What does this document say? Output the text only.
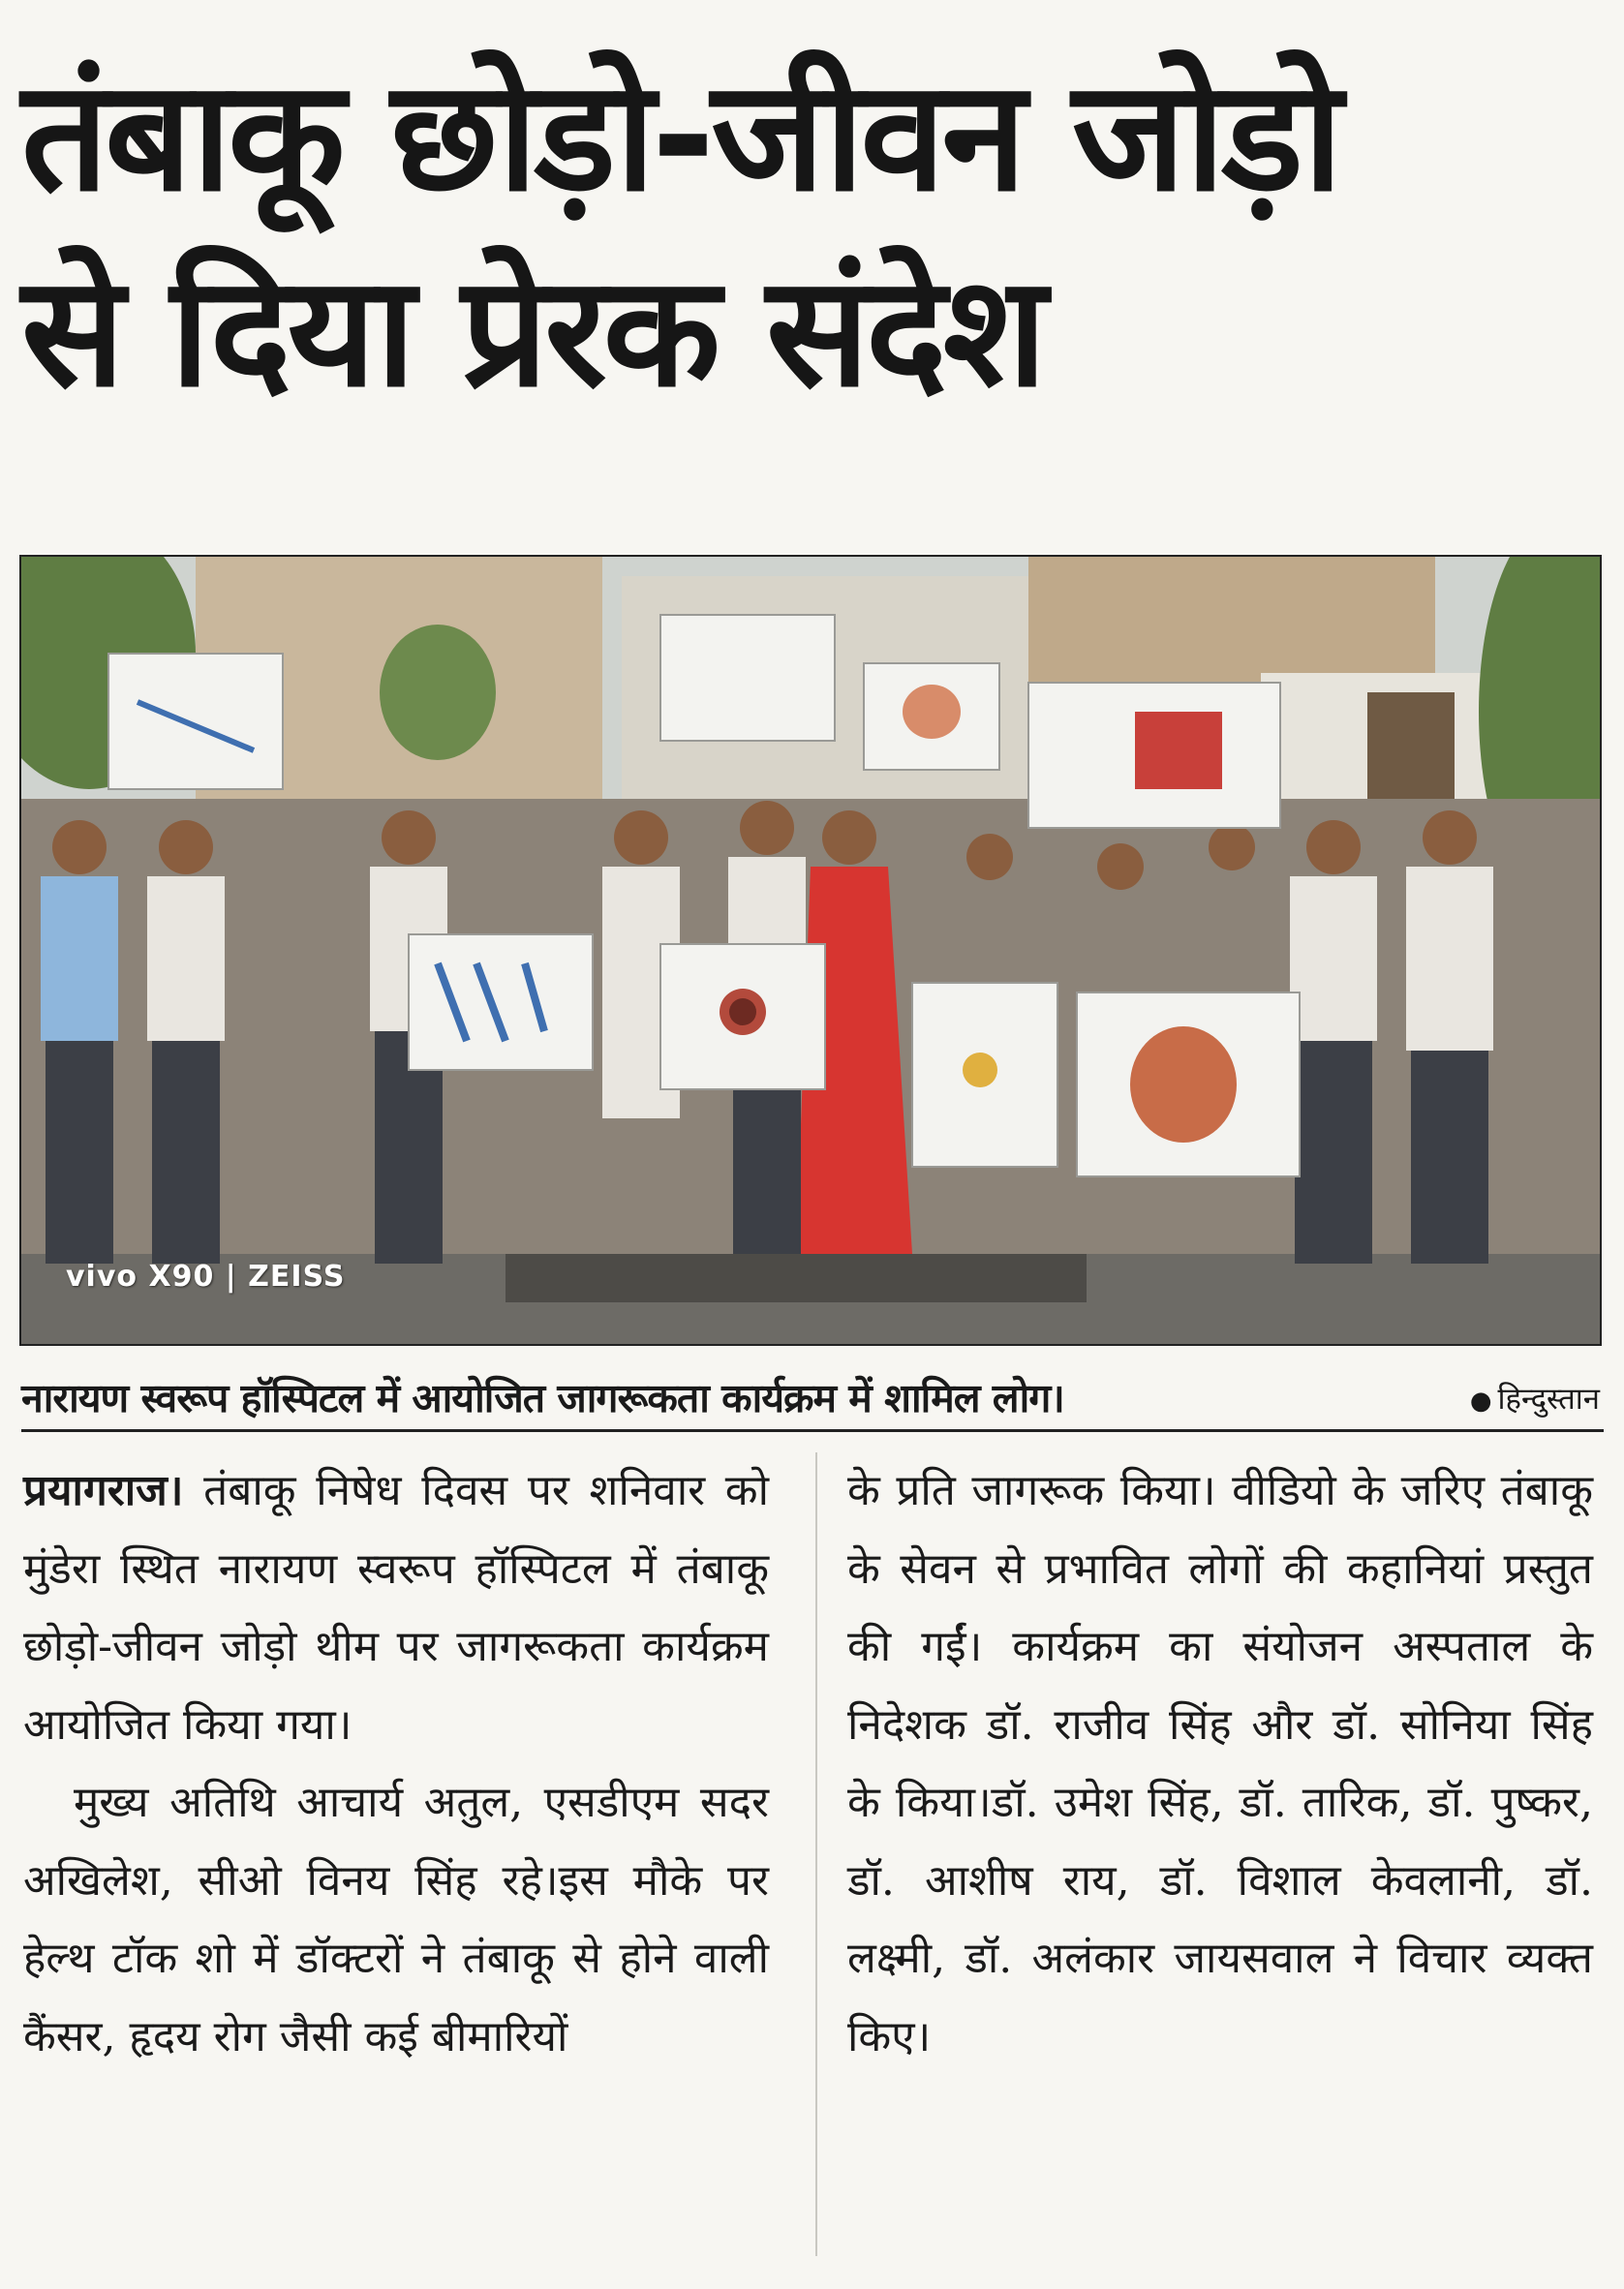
तंबाकू छोड़ो-जीवन जोड़ो
से दिया प्रेरक संदेश
vivo X90 | ZEISS
नारायण स्वरूप हॉस्पिटल में आयोजित जागरूकता कार्यक्रम में शामिल लोग।	● हिन्दुस्तान

प्रयागराज। तंबाकू निषेध दिवस पर शनिवार को मुंडेरा स्थित नारायण स्वरूप हॉस्पिटल में तंबाकू छोड़ो-जीवन जोड़ो थीम पर जागरूकता कार्यक्रम आयोजित किया गया।

मुख्य अतिथि आचार्य अतुल, एसडीएम सदर अखिलेश, सीओ विनय सिंह रहे।इस मौके पर हेल्थ टॉक शो में डॉक्टरों ने तंबाकू से होने वाली कैंसर, हृदय रोग जैसी कई बीमारियों

के प्रति जागरूक किया। वीडियो के जरिए तंबाकू के सेवन से प्रभावित लोगों की कहानियां प्रस्तुत की गईं। कार्यक्रम का संयोजन अस्पताल के निदेशक डॉ. राजीव सिंह और डॉ. सोनिया सिंह के किया।डॉ. उमेश सिंह, डॉ. तारिक, डॉ. पुष्कर, डॉ. आशीष राय, डॉ. विशाल केवलानी, डॉ. लक्ष्मी, डॉ. अलंकार जायसवाल ने विचार व्यक्त किए।
